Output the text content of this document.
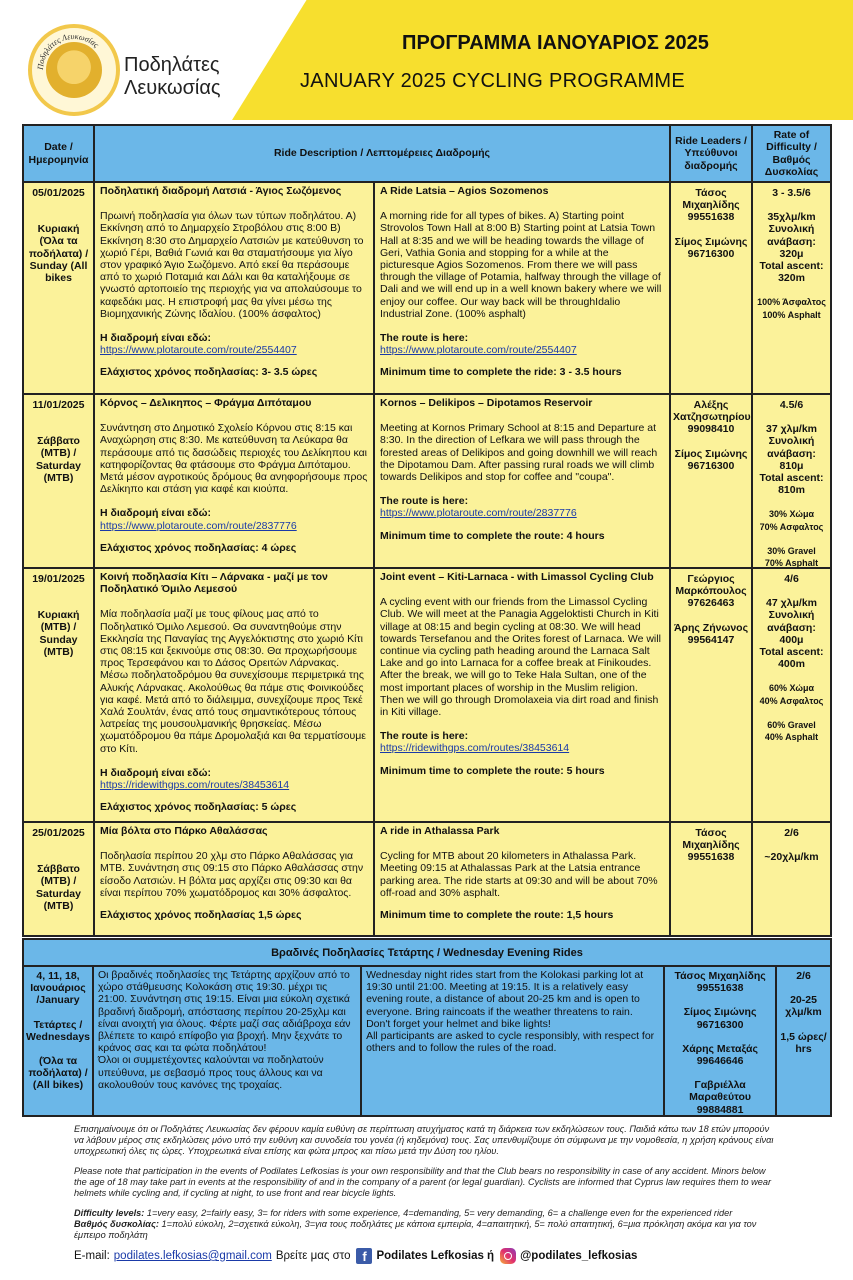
Ποδηλάτες Λευκωσίας
Ποδηλάτες
Λευκωσίας
ΠΡΟΓΡΑΜΜΑ ΙΑΝΟΥΑΡΙΟΣ 2025
JANUARY 2025 CYCLING PROGRAMME
Date / Ημερομηνία
Ride Description / Λεπτομέρειες Διαδρομής
Ride Leaders / Υπεύθυνοι διαδρομής
Rate of Difficulty / Βαθμός Δυσκολίας
05/01/2025
Κυριακή (Όλα τα ποδήλατα) / Sunday (All bikes
Ποδηλατική διαδρομή Λατσιά - Άγιος Σωζόμενος
Πρωινή ποδηλασία για όλων των τύπων ποδηλάτου. Α) Εκκίνηση από το Δημαρχείο Στροβόλου στις 8:00 Β) Εκκίνηση 8:30 στο Δημαρχείο Λατσιών με κατεύθυνση το χωριό Γέρι, Βαθιά Γωνιά και θα σταματήσουμε για λίγο στον γραφικό Άγιο Σωζόμενο. Από εκεί θα περάσουμε από το χωριό Ποταμιά και Δάλι και θα καταλήξουμε σε γνωστό αρτοποιείο της περιοχής για να απολαύσουμε το καφεδάκι μας. Η επιστροφή μας θα γίνει μέσω της Βιομηχανικής Ζώνης Ιδαλίου. (100% άσφαλτος)
Η διαδρομή είναι εδώ:
https://www.plotaroute.com/route/2554407
Ελάχιστος χρόνος ποδηλασίας: 3- 3.5 ώρες
A Ride Latsia – Agios Sozomenos
A morning ride for all types of bikes. A) Starting point Strovolos Town Hall at 8:00 B) Starting point at Latsia Town Hall at 8:35 and we will be heading towards the village of Geri, Vathia Gonia and stopping for a while at the picturesque Agios Sozomenos. From there we will pass through the village of Potamia, halfway through the village of Dali and we will end up in a well known bakery where we will enjoy our coffee. Our way back will be throughIdalio Industrial Zone. (100% asphalt)
The route is here:
https://www.plotaroute.com/route/2554407
Minimum time to complete the ride: 3 - 3.5 hours
Τάσος Μιχαηλίδης
99551638
Σίμος Σιμώνης
96716300
3 - 3.5/6
35χλμ/km
Συνολική ανάβαση: 320μ
Total ascent: 320m
100% Άσφαλτος
100% Asphalt
11/01/2025
Σάββατο (MTB) / Saturday (MTB)
Κόρνος – Δελικηπος – Φράγμα Διπόταμου
Συνάντηση στο Δημοτικό Σχολείο Κόρνου στις 8:15 και Αναχώρηση στις 8:30. Με κατεύθυνση τα Λεύκαρα θα περάσουμε από τις δασώδεις περιοχές του Δελίκηπου και κατηφορίζοντας θα φτάσουμε στο Φράγμα Διπόταμου. Μετά μέσον αγροτικούς δρόμους θα ανηφορήσουμε προς Δελίκηπο και στάση για καφέ και κιούπα.
Η διαδρομή είναι εδώ:
https://www.plotaroute.com/route/2837776
Ελάχιστος χρόνος ποδηλασίας: 4 ώρες
Kornos – Delikipos – Dipotamos Reservoir
Meeting at Kornos Primary School at 8:15 and Departure at 8:30. In the direction of Lefkara we will pass through the forested areas of Delikipos and going downhill we will reach the Dipotamou Dam. After passing rural roads we will climb towards Delikipos and stop for coffee and "coupa".
The route is here:
https://www.plotaroute.com/route/2837776
Minimum time to complete the route: 4 hours
Αλέξης Χατζησωτηρίου
99098410
Σίμος Σιμώνης
96716300
4.5/6
37 χλμ/km
Συνολική ανάβαση: 810μ
Total ascent: 810m
30% Χώμα
70% Ασφαλτος
30% Gravel
70% Asphalt
19/01/2025
Κυριακή (MTB) / Sunday (MTB)
Κοινή ποδηλασία Κίτι – Λάρνακα - μαζί με τον Ποδηλατικό Όμιλο Λεμεσού
Μία ποδηλασία μαζί με τους φίλους μας από το Ποδηλατικό Όμιλο Λεμεσού. Θα συναντηθούμε στην Εκκλησία της Παναγίας της Αγγελόκτιστης στο χωριό Κίτι στις 08:15 και ξεκινούμε στις 08:30. Θα προχωρήσουμε προς Τερσεφάνου και το Δάσος Ορειτών Λάρνακας. Μέσω ποδηλατοδρόμου θα συνεχίσουμε περιμετρικά της Αλυκής Λάρνακας. Ακολούθως θα πάμε στις Φοινικούδες για καφέ. Μετά από το διάλειμμα, συνεχίζουμε προς Τεκέ Χαλά Σουλτάν, ένας από τους σημαντικότερους τόπους λατρείας της μουσουλμανικής θρησκείας. Μέσω χωματόδρομου θα πάμε Δρομολαξιά και θα τερματίσουμε στο Κίτι.
Η διαδρομή είναι εδώ:
https://ridewithgps.com/routes/38453614
Ελάχιστος χρόνος ποδηλασίας: 5 ώρες
Joint event – Kiti-Larnaca - with Limassol Cycling Club
A cycling event with our friends from the Limassol Cycling Club. We will meet at the Panagia Aggeloktisti Church in Kiti village at 08:15 and begin cycling at 08:30. We will head towards Tersefanou and the Orites forest of Larnaca. We will continue via cycling path heading around the Larnaca Salt Lake and go into Larnaca for a coffee break at Finikoudes. After the break, we will go to Teke Hala Sultan, one of the most important places of worship in the Muslim religion. Then we will go through Dromolaxeia via dirt road and finish in Kiti village.
The route is here:
https://ridewithgps.com/routes/38453614
Minimum time to complete the route: 5 hours
Γεώργιος Μαρκόπουλος
97626463
Άρης Ζήνωνος
99564147
4/6
47 χλμ/km
Συνολική ανάβαση: 400μ
Total ascent: 400m
60% Χώμα
40% Ασφαλτος
60% Gravel
40% Asphalt
25/01/2025
Σάββατο (MTB) / Saturday (MTB)
Μία βόλτα στο Πάρκο Αθαλάσσας
Ποδηλασία περίπου 20 χλμ στο Πάρκο Αθαλάσσας για MTB. Συνάντηση στις 09:15 στο Πάρκο Αθαλάσσας στην είσοδο Λατσιών. Η βόλτα μας αρχίζει στις 09:30 και θα είναι περίπου 70% χωματόδρομος και 30% άσφαλτος.
Ελάχιστος χρόνος ποδηλασίας 1,5 ώρες
A ride in Athalassa Park
Cycling for MTB about 20 kilometers in Athalassa Park. Meeting 09:15 at Athalassas Park at the Latsia entrance parking area. The ride starts at 09:30 and will be about 70% off-road and 30% asphalt.
Minimum time to complete the route: 1,5 hours
Τάσος Μιχαηλίδης
99551638
2/6
~20χλμ/km
Βραδινές Ποδηλασίες Τετάρτης / Wednesday Evening Rides
4, 11, 18, Ιανουάριος /January
Τετάρτες / Wednesdays
(Όλα τα ποδήλατα) / (All bikes)
Οι βραδινές ποδηλασίες της Τετάρτης αρχίζουν από το χώρο στάθμευσης Κολοκάση στις 19:30. μέχρι τις 21:00. Συνάντηση στις 19:15. Είναι μια εύκολη σχετικά βραδινή διαδρομή, απόστασης περίπου 20-25χλμ και είναι ανοιχτή για όλους. Φέρτε μαζί σας αδιάβροχα εάν βλέπετε το καιρό επίφοβο για βροχή. Μην ξεχνάτε το κράνος σας και τα φώτα ποδηλάτου!
Όλοι οι συμμετέχοντες καλούνται να ποδηλατούν υπεύθυνα, με σεβασμό προς τους άλλους και να ακολουθούν τους κανόνες της τροχαίας.
Wednesday night rides start from the Kolokasi parking lot at 19:30 until 21:00. Meeting at 19:15. It is a relatively easy evening route, a distance of about 20-25 km and is open to everyone. Bring raincoats if the weather threatens to rain. Don't forget your helmet and bike lights!
All participants are asked to cycle responsibly, with respect for others and to follow the rules of the road.
Τάσος Μιχαηλίδης
99551638
Σίμος Σιμώνης
96716300
Χάρης Μεταξάς
99646646
Γαβριέλλα Μαραθεύτου
99884881
2/6
20-25 χλμ/km
1,5 ώρες/ hrs
Επισημαίνουμε ότι οι Ποδηλάτες Λευκωσίας δεν φέρουν καμία ευθύνη σε περίπτωση ατυχήματος κατά τη διάρκεια των εκδηλώσεων τους. Παιδιά κάτω των 18 ετών μπορούν να λάβουν μέρος στις εκδηλώσεις μόνο υπό την ευθύνη και συνοδεία του γονέα (ή κηδεμόνα) τους. Σας υπενθυμίζουμε ότι σύμφωνα με την νομοθεσία, η χρήση κράνους είναι υποχρεωτική όλες τις ώρες. Υποχρεωτικά είναι επίσης και φώτα μπρος και πίσω μετά την Δύση του ηλίου.
Please note that participation in the events of Podilates Lefkosias is your own responsibility and that the Club bears no responsibility in case of any accident. Minors below the age of 18 may take part in events at the responsibility of and in the company of a parent (or legal guardian). Cyclists are informed that Cyprus law requires them to wear helmets while cycling and, if cycling at night, to use front and rear bicycle lights.
Difficulty levels: 1=very easy, 2=fairly easy, 3= for riders with some experience, 4=demanding, 5= very demanding, 6= a challenge even for the experienced rider
Βαθμός δυσκολίας: 1=πολύ εύκολη, 2=σχετικά εύκολη, 3=για τους ποδηλάτες με κάποια εμπειρία, 4=απαιτητική, 5= πολύ απαιτητική, 6=μια πρόκληση ακόμα και για τον έμπειρο ποδηλάτη
E-mail: podilates.lefkosias@gmail.com Βρείτε μας στο f Podilates Lefkosias ή @podilates_lefkosias
